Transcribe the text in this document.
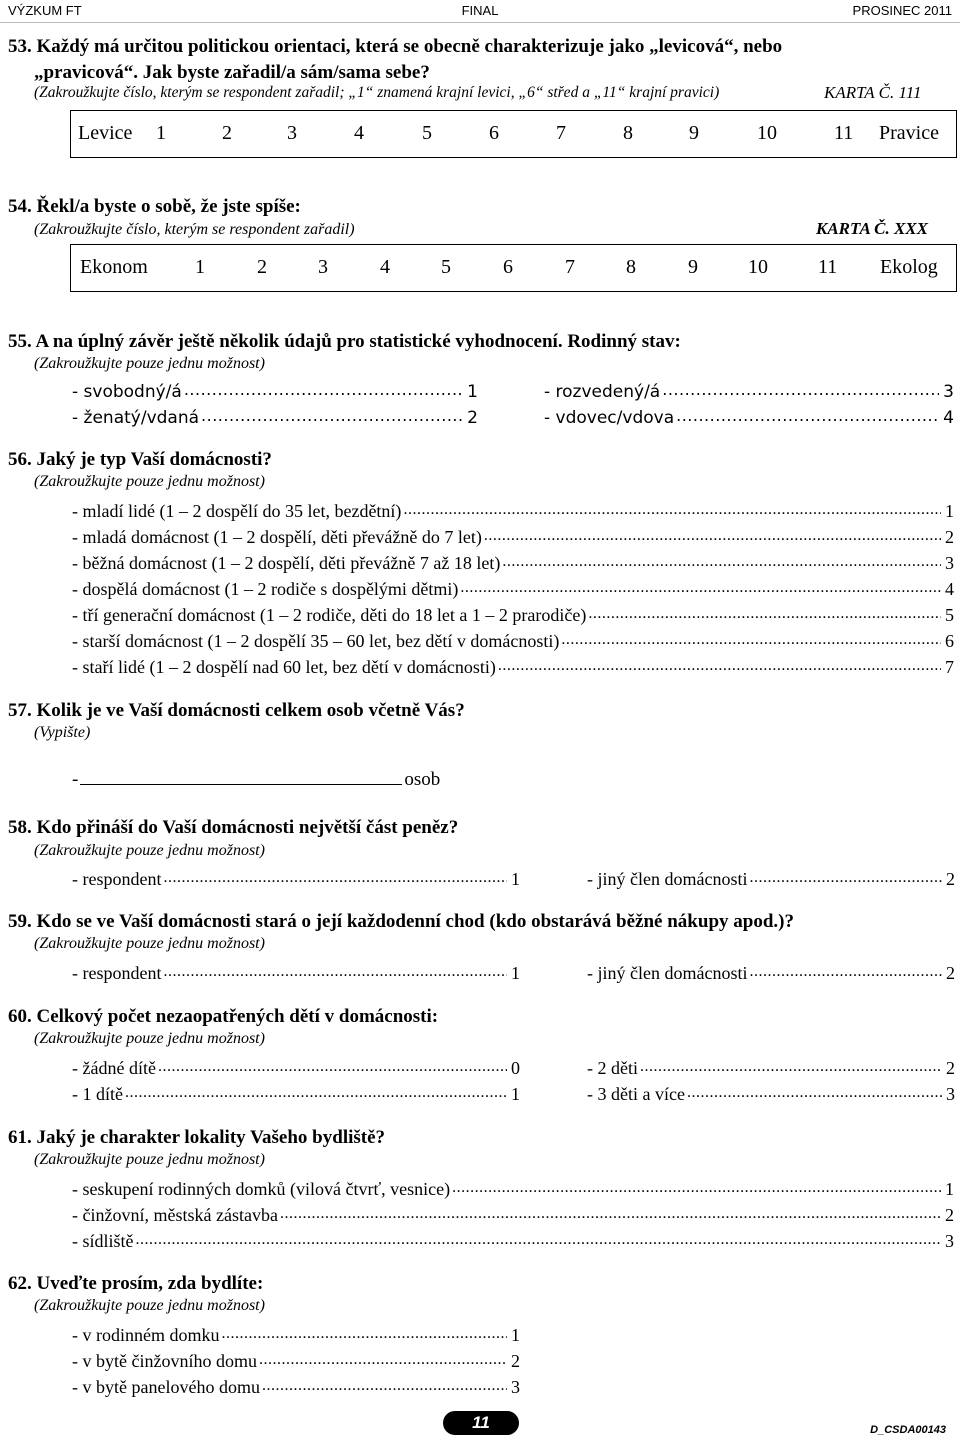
VÝZKUM FT	FINAL	PROSINEC 2011
53. Každý má určitou politickou orientaci, která se obecně charakterizuje jako „levicová“, nebo
„pravicová“. Jak byste zařadil/a sám/sama sebe?
(Zakroužkujte číslo, kterým se respondent zařadil; „1“ znamená krajní levici, „6“ střed a „11“ krajní pravici)	KARTA Č. 111
Levice 1	2	3	4	5	6	7	8	9	10	11 Pravice
54. Řekl/a byste o sobě, že jste spíše:
(Zakroužkujte číslo, kterým se respondent zařadil)	KARTA Č. XXX
Ekonom 1	2	3	4	5	6	7	8	9	10	11 Ekolog
55. A na úplný závěr ještě několik údajů pro statistické vyhodnocení. Rodinný stav:
(Zakroužkujte pouze jednu možnost)
- svobodný/á .....	1
- ženatý/vdaná .....	2
- rozvedený/á .....	3
- vdovec/vdova .....	4
56. Jaký je typ Vaší domácnosti?
(Zakroužkujte pouze jednu možnost)
- mladí lidé (1 – 2 dospělí do 35 let, bezdětní) .....	1
- mladá domácnost (1 – 2 dospělí, děti převážně do 7 let) .....	2
- běžná domácnost (1 – 2 dospělí, děti převážně 7 až 18 let) .....	3
- dospělá domácnost (1 – 2 rodiče s dospělými dětmi) .....	4
- tří generační domácnost (1 – 2 rodiče, děti do 18 let a 1 – 2 prarodiče) .....	5
- starší domácnost (1 – 2 dospělí 35 – 60 let, bez dětí v domácnosti) .....	6
- staří lidé (1 – 2 dospělí nad 60 let, bez dětí v domácnosti) .....	7
57. Kolik je ve Vaší domácnosti celkem osob včetně Vás?
(Vypište)
-	osob
58. Kdo přináší do Vaší domácnosti největší část peněz?
(Zakroužkujte pouze jednu možnost)
- respondent .....	1	- jiný člen domácnosti .....	2
59. Kdo se ve Vaší domácnosti stará o její každodenní chod (kdo obstarává běžné nákupy apod.)?
(Zakroužkujte pouze jednu možnost)
- respondent .....	1	- jiný člen domácnosti .....	2
60. Celkový počet nezaopatřených dětí v domácnosti:
(Zakroužkujte pouze jednu možnost)
- žádné dítě .....	0
- 1 dítě .....	1
- 2 děti .....	2
- 3 děti a více .....	3
61. Jaký je charakter lokality Vašeho bydliště?
(Zakroužkujte pouze jednu možnost)
- seskupení rodinných domků (vilová čtvrť, vesnice) .....	1
- činžovní, městská zástavba .....	2
- sídliště .....	3
62. Uveďte prosím, zda bydlíte:
(Zakroužkujte pouze jednu možnost)
- v rodinném domku .....	1
- v bytě činžovního domu .....	2
- v bytě panelového domu .....	3
11	D_CSDA00143
